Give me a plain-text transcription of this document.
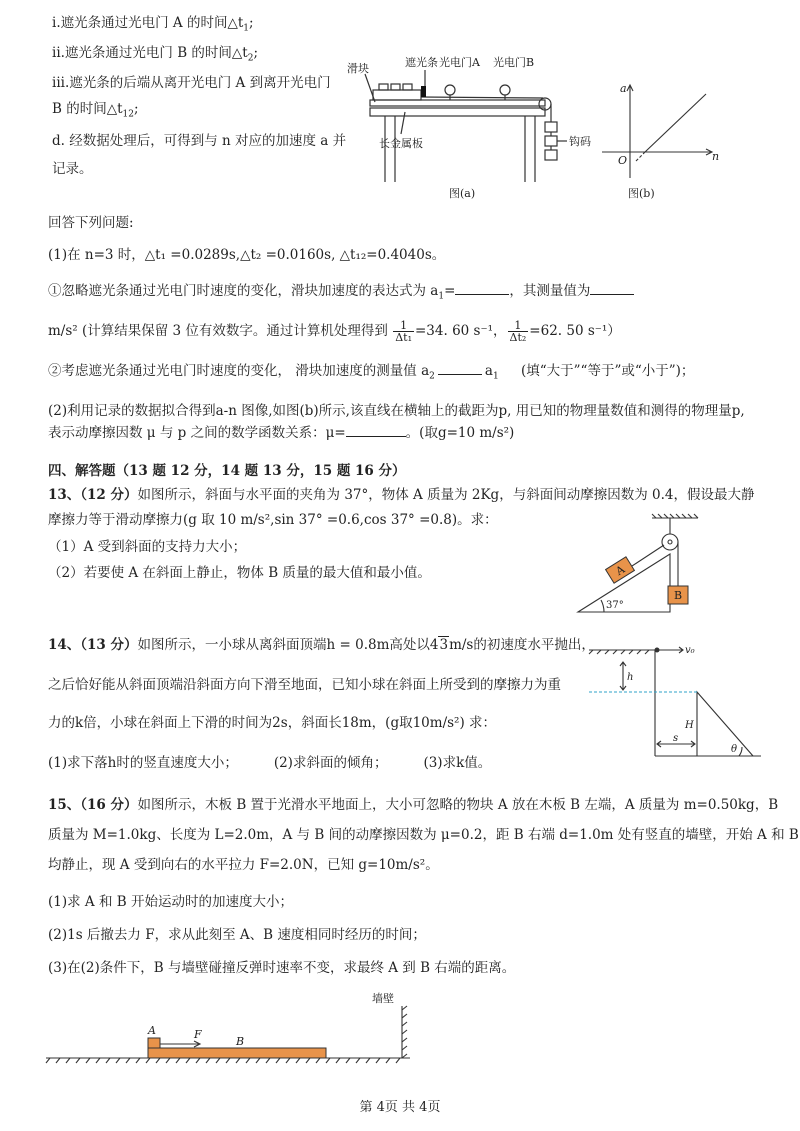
i.遮光条通过光电门 A 的时间$\triangle t_1$;
ii.遮光条通过光电门 B 的时间$\triangle t_2$;
iii.遮光条的后端从离开光电门 A 到离开光电门
B 的时间$\triangle t_{12}$;
d. 经数据处理后，可得到与 n 对应的加速度 a 并
记录。
滑块	遮光条 光电门A 光电门B
长金属板	钩码
图(a)
a
n
O
图(b)
回答下列问题:
(1)在 n=3 时，△t₁ =0.0289s,△t₂ =0.0160s, △t₁₂=0.4040s。
①忽略遮光条通过光电门时速度的变化，滑块加速度的表达式为 $a_1=$	，其测量值为
m/s² (计算结果保留 3 位有效数字。通过计算机处理得到 $\frac{1}{\text{Δt₁}} =34$. 60 s⁻¹， $\frac{1}{\text{Δt₂}} =62$. 50 s⁻¹）
②考虑遮光条通过光电门时速度的变化， 滑块加速度的测量值 $a_2$	$a_1$ (填“大于”“等于”或“小于”)；
(2)利用记录的数据拟合得到a-n 图像,如图(b)所示,该直线在横轴上的截距为p, 用已知的物理量数值和测得的物理量p,
表示动摩擦因数 μ 与 p 之间的数学函数关系：μ=	。(取g=10 m/s²)
四、解答题（13 题 12 分，14 题 13 分，15 题 16 分）
13、（12 分）如图所示，斜面与水平面的夹角为 37°，物体 A 质量为 2Kg，与斜面间动摩擦因数为 0.4，假设最大静
摩擦力等于滑动摩擦力(g 取 10 m/s²,sin 37° =0.6,cos 37° =0.8)。求：
（1）A 受到斜面的支持力大小；
（2）若要使 A 在斜面上静止，物体 B 质量的最大值和最小值。	A
B
37°
14、（13 分）如图所示，一小球从离斜面顶端h = 0.8m高处以43m/s的初速度水平抛出，
之后恰好能从斜面顶端沿斜面方向下滑至地面，已知小球在斜面上所受到的摩擦力为重
力的k倍，小球在斜面上下滑的时间为2s，斜面长18m，(g取10m/s²) 求：
(1)求下落h时的竖直速度大小；	(2)求斜面的倾角；	(3)求k值。
v₀
h
H
s
θ
15、（16 分）如图所示，木板 B 置于光滑水平地面上，大小可忽略的物块 A 放在木板 B 左端，A 质量为 m=0.50kg，B
质量为 M=1.0kg、长度为 L=2.0m，A 与 B 间的动摩擦因数为 μ=0.2，距 B 右端 d=1.0m 处有竖直的墙壁，开始 A 和 B
均静止，现 A 受到向右的水平拉力 F=2.0N，已知 g=10m/s²。
(1)求 A 和 B 开始运动时的加速度大小；
(2)1s 后撤去力 F，求从此刻至 A、B 速度相同时经历的时间；
(3)在(2)条件下，B 与墙壁碰撞反弹时速率不变，求最终 A 到 B 右端的距离。
墙壁
A	F
B
第 4页 共 4页
